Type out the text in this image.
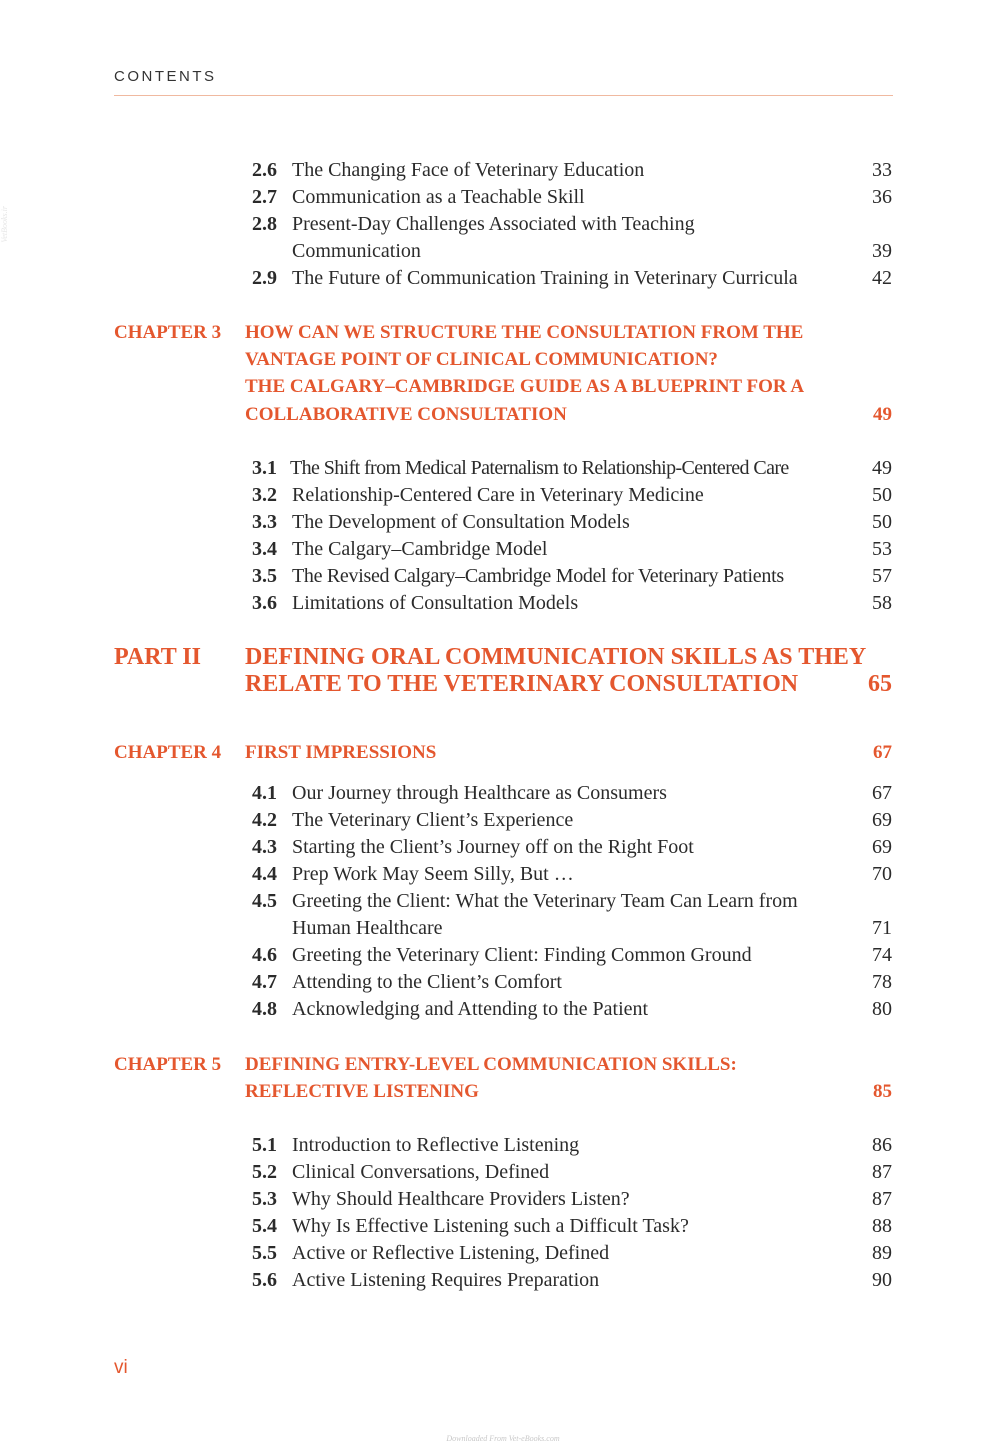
CONTENTS
VetBooks.ir
2.6 The Changing Face of Veterinary Education	33
2.7 Communication as a Teachable Skill	36
2.8 Present-Day Challenges Associated with Teaching
Communication	39
2.9 The Future of Communication Training in Veterinary Curricula	42
CHAPTER 3 HOW CAN WE STRUCTURE THE CONSULTATION FROM THE
VANTAGE POINT OF CLINICAL COMMUNICATION?
THE CALGARY–CAMBRIDGE GUIDE AS A BLUEPRINT FOR A
COLLABORATIVE CONSULTATION	49
3.1 The Shift from Medical Paternalism to Relationship-Centered Care	49
3.2 Relationship-Centered Care in Veterinary Medicine	50
3.3 The Development of Consultation Models	50
3.4 The Calgary–Cambridge Model	53
3.5 The Revised Calgary–Cambridge Model for Veterinary Patients	57
3.6 Limitations of Consultation Models	58
PART II DEFINING ORAL COMMUNICATION SKILLS AS THEY
RELATE TO THE VETERINARY CONSULTATION	65
CHAPTER 4 FIRST IMPRESSIONS	67
4.1 Our Journey through Healthcare as Consumers	67
4.2 The Veterinary Client’s Experience	69
4.3 Starting the Client’s Journey off on the Right Foot	69
4.4 Prep Work May Seem Silly, But …	70
4.5 Greeting the Client: What the Veterinary Team Can Learn from
Human Healthcare	71
4.6 Greeting the Veterinary Client: Finding Common Ground	74
4.7 Attending to the Client’s Comfort	78
4.8 Acknowledging and Attending to the Patient	80
CHAPTER 5 DEFINING ENTRY-LEVEL COMMUNICATION SKILLS:
REFLECTIVE LISTENING	85
5.1 Introduction to Reflective Listening	86
5.2 Clinical Conversations, Defined	87
5.3 Why Should Healthcare Providers Listen?	87
5.4 Why Is Effective Listening such a Difficult Task?	88
5.5 Active or Reflective Listening, Defined	89
5.6 Active Listening Requires Preparation	90
vi
Downloaded From Vet-eBooks.com
